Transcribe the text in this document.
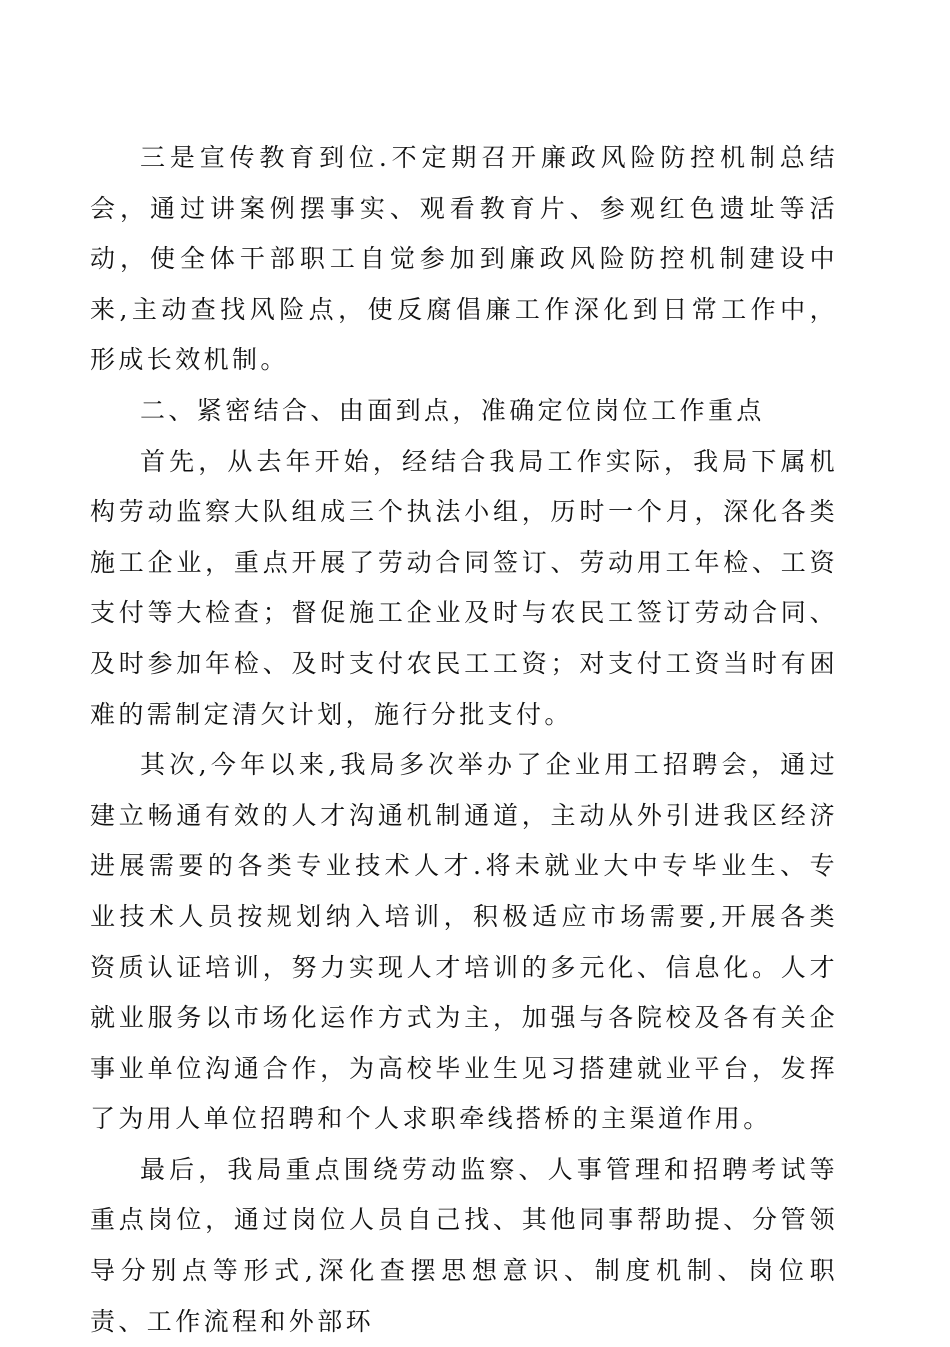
三是宣传教育到位.不定期召开廉政风险防控机制总结会，通过讲案例摆事实、观看教育片、参观红色遗址等活动，使全体干部职工自觉参加到廉政风险防控机制建设中来,主动查找风险点，使反腐倡廉工作深化到日常工作中，形成长效机制。

二、紧密结合、由面到点，准确定位岗位工作重点

首先，从去年开始，经结合我局工作实际，我局下属机构劳动监察大队组成三个执法小组，历时一个月，深化各类施工企业，重点开展了劳动合同签订、劳动用工年检、工资支付等大检查；督促施工企业及时与农民工签订劳动合同、及时参加年检、及时支付农民工工资；对支付工资当时有困难的需制定清欠计划，施行分批支付。

其次,今年以来,我局多次举办了企业用工招聘会，通过建立畅通有效的人才沟通机制通道，主动从外引进我区经济进展需要的各类专业技术人才.将未就业大中专毕业生、专业技术人员按规划纳入培训，积极适应市场需要,开展各类资质认证培训，努力实现人才培训的多元化、信息化。人才就业服务以市场化运作方式为主，加强与各院校及各有关企事业单位沟通合作，为高校毕业生见习搭建就业平台，发挥了为用人单位招聘和个人求职牵线搭桥的主渠道作用。

最后，我局重点围绕劳动监察、人事管理和招聘考试等重点岗位，通过岗位人员自己找、其他同事帮助提、分管领导分别点等形式,深化查摆思想意识、制度机制、岗位职责、工作流程和外部环
